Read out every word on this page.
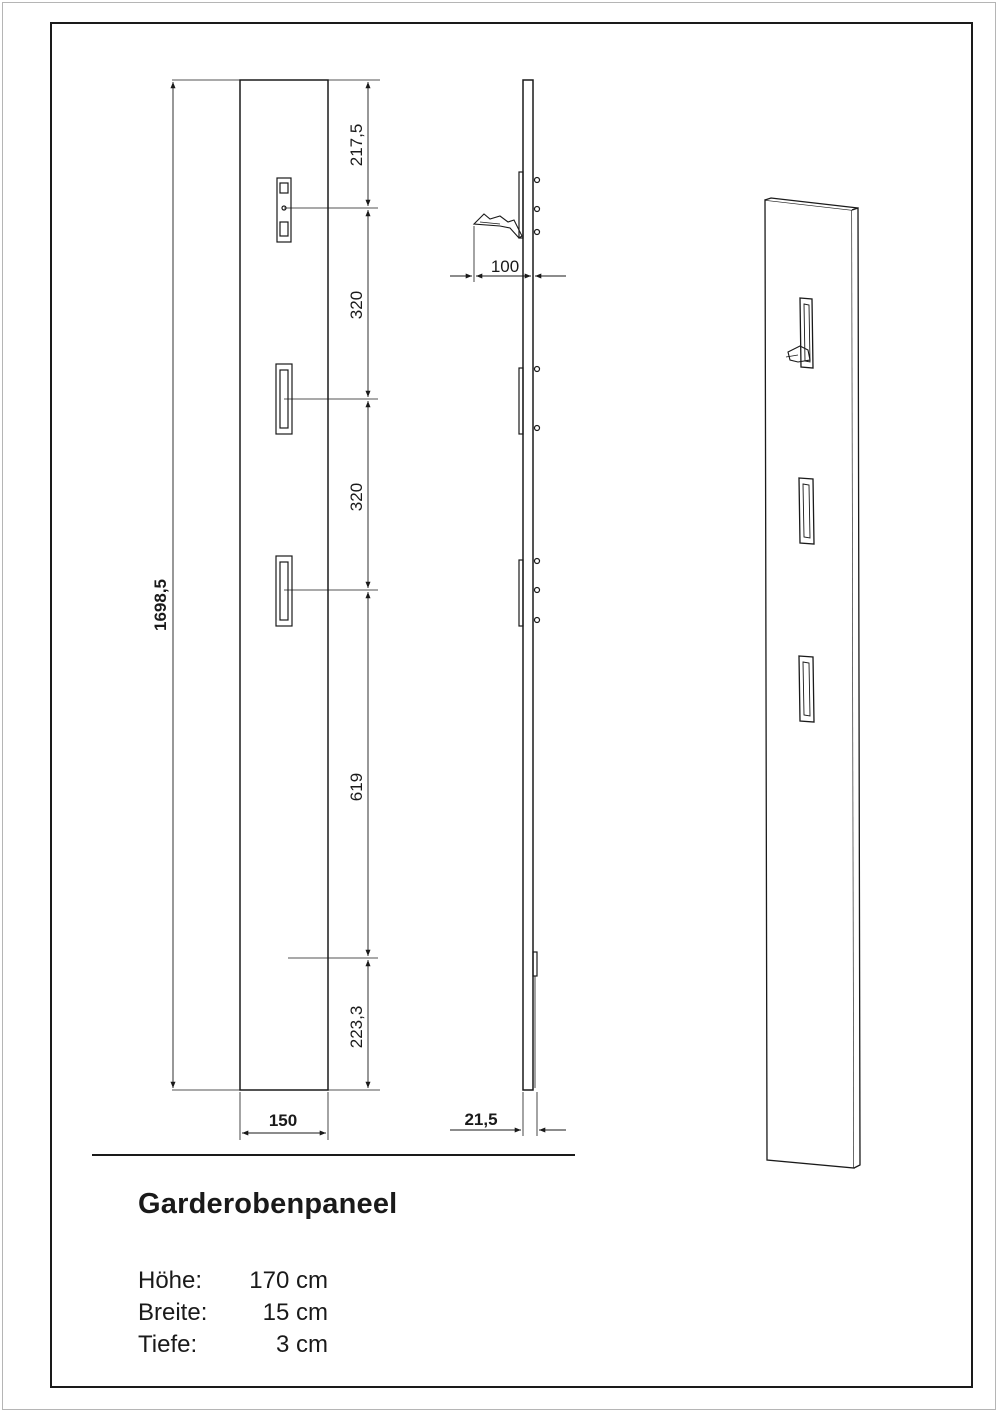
1698,5
217,5
320
320
619
223,3
150
100
21,5
Garderobenpaneel
Höhe: 170 cm
Breite: 15 cm
Tiefe:	3 cm
